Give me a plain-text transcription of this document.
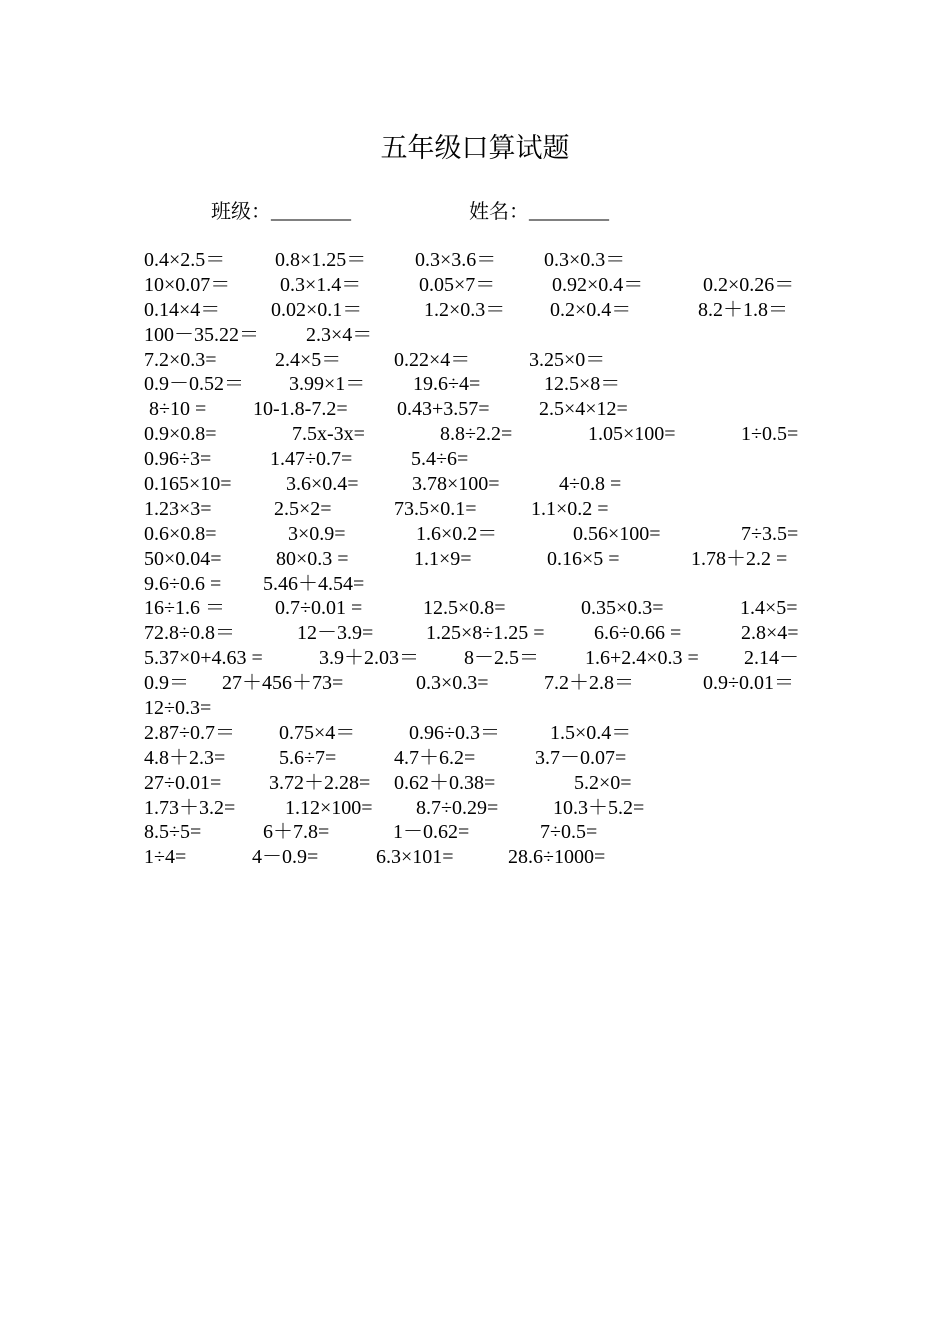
五年级口算试题
班级：________	姓名：________
0.4×2.5＝ 0.8×1.25＝ 0.3×3.6＝ 0.3×0.3＝
10×0.07＝ 0.3×1.4＝	0.05×7＝	0.92×0.4＝	0.2×0.26＝
0.14×4＝	0.02×0.1＝	1.2×0.3＝ 0.2×0.4＝	8.2＋1.8＝
100－35.22＝ 2.3×4＝
7.2×0.3=	2.4×5＝	0.22×4＝	3.25×0＝
0.9－0.52＝ 3.99×1＝ 19.6÷4=	12.5×8＝
8÷10 = 10-1.8-7.2= 0.43+3.57= 2.5×4×12=
0.9×0.8=	7.5x-3x=	8.8÷2.2=	1.05×100=	1÷0.5=
0.96÷3=	1.47÷0.7=	5.4÷6=
0.165×10=	3.6×0.4=	3.78×100=	4÷0.8 =
1.23×3=	2.5×2=	73.5×0.1=	1.1×0.2 =
0.6×0.8=	3×0.9=	1.6×0.2＝	0.56×100=	7÷3.5=
50×0.04=	80×0.3 =	1.1×9=	0.16×5 =	1.78＋2.2 =
9.6÷0.6 = 5.46＋4.54=
16÷1.6 ＝	0.7÷0.01 =	12.5×0.8=	0.35×0.3=	1.4×5=
72.8÷0.8＝	12－3.9=	1.25×8÷1.25 = 6.6÷0.66 =	2.8×4=
5.37×0+4.63 =	3.9＋2.03＝ 8－2.5＝ 1.6+2.4×0.3 = 2.14－
0.9＝ 27＋456＋73=	0.3×0.3=	7.2＋2.8＝	0.9÷0.01＝
12÷0.3=
2.87÷0.7＝ 0.75×4＝	0.96÷0.3＝	1.5×0.4＝
4.8＋2.3=	5.6÷7=	4.7＋6.2=	3.7－0.07=
27÷0.01= 3.72＋2.28= 0.62＋0.38=	5.2×0=
1.73＋3.2= 1.12×100= 8.7÷0.29=	10.3＋5.2=
8.5÷5=	6＋7.8=	1－0.62=	7÷0.5=
1÷4=	4－0.9=	6.3×101=	28.6÷1000=
